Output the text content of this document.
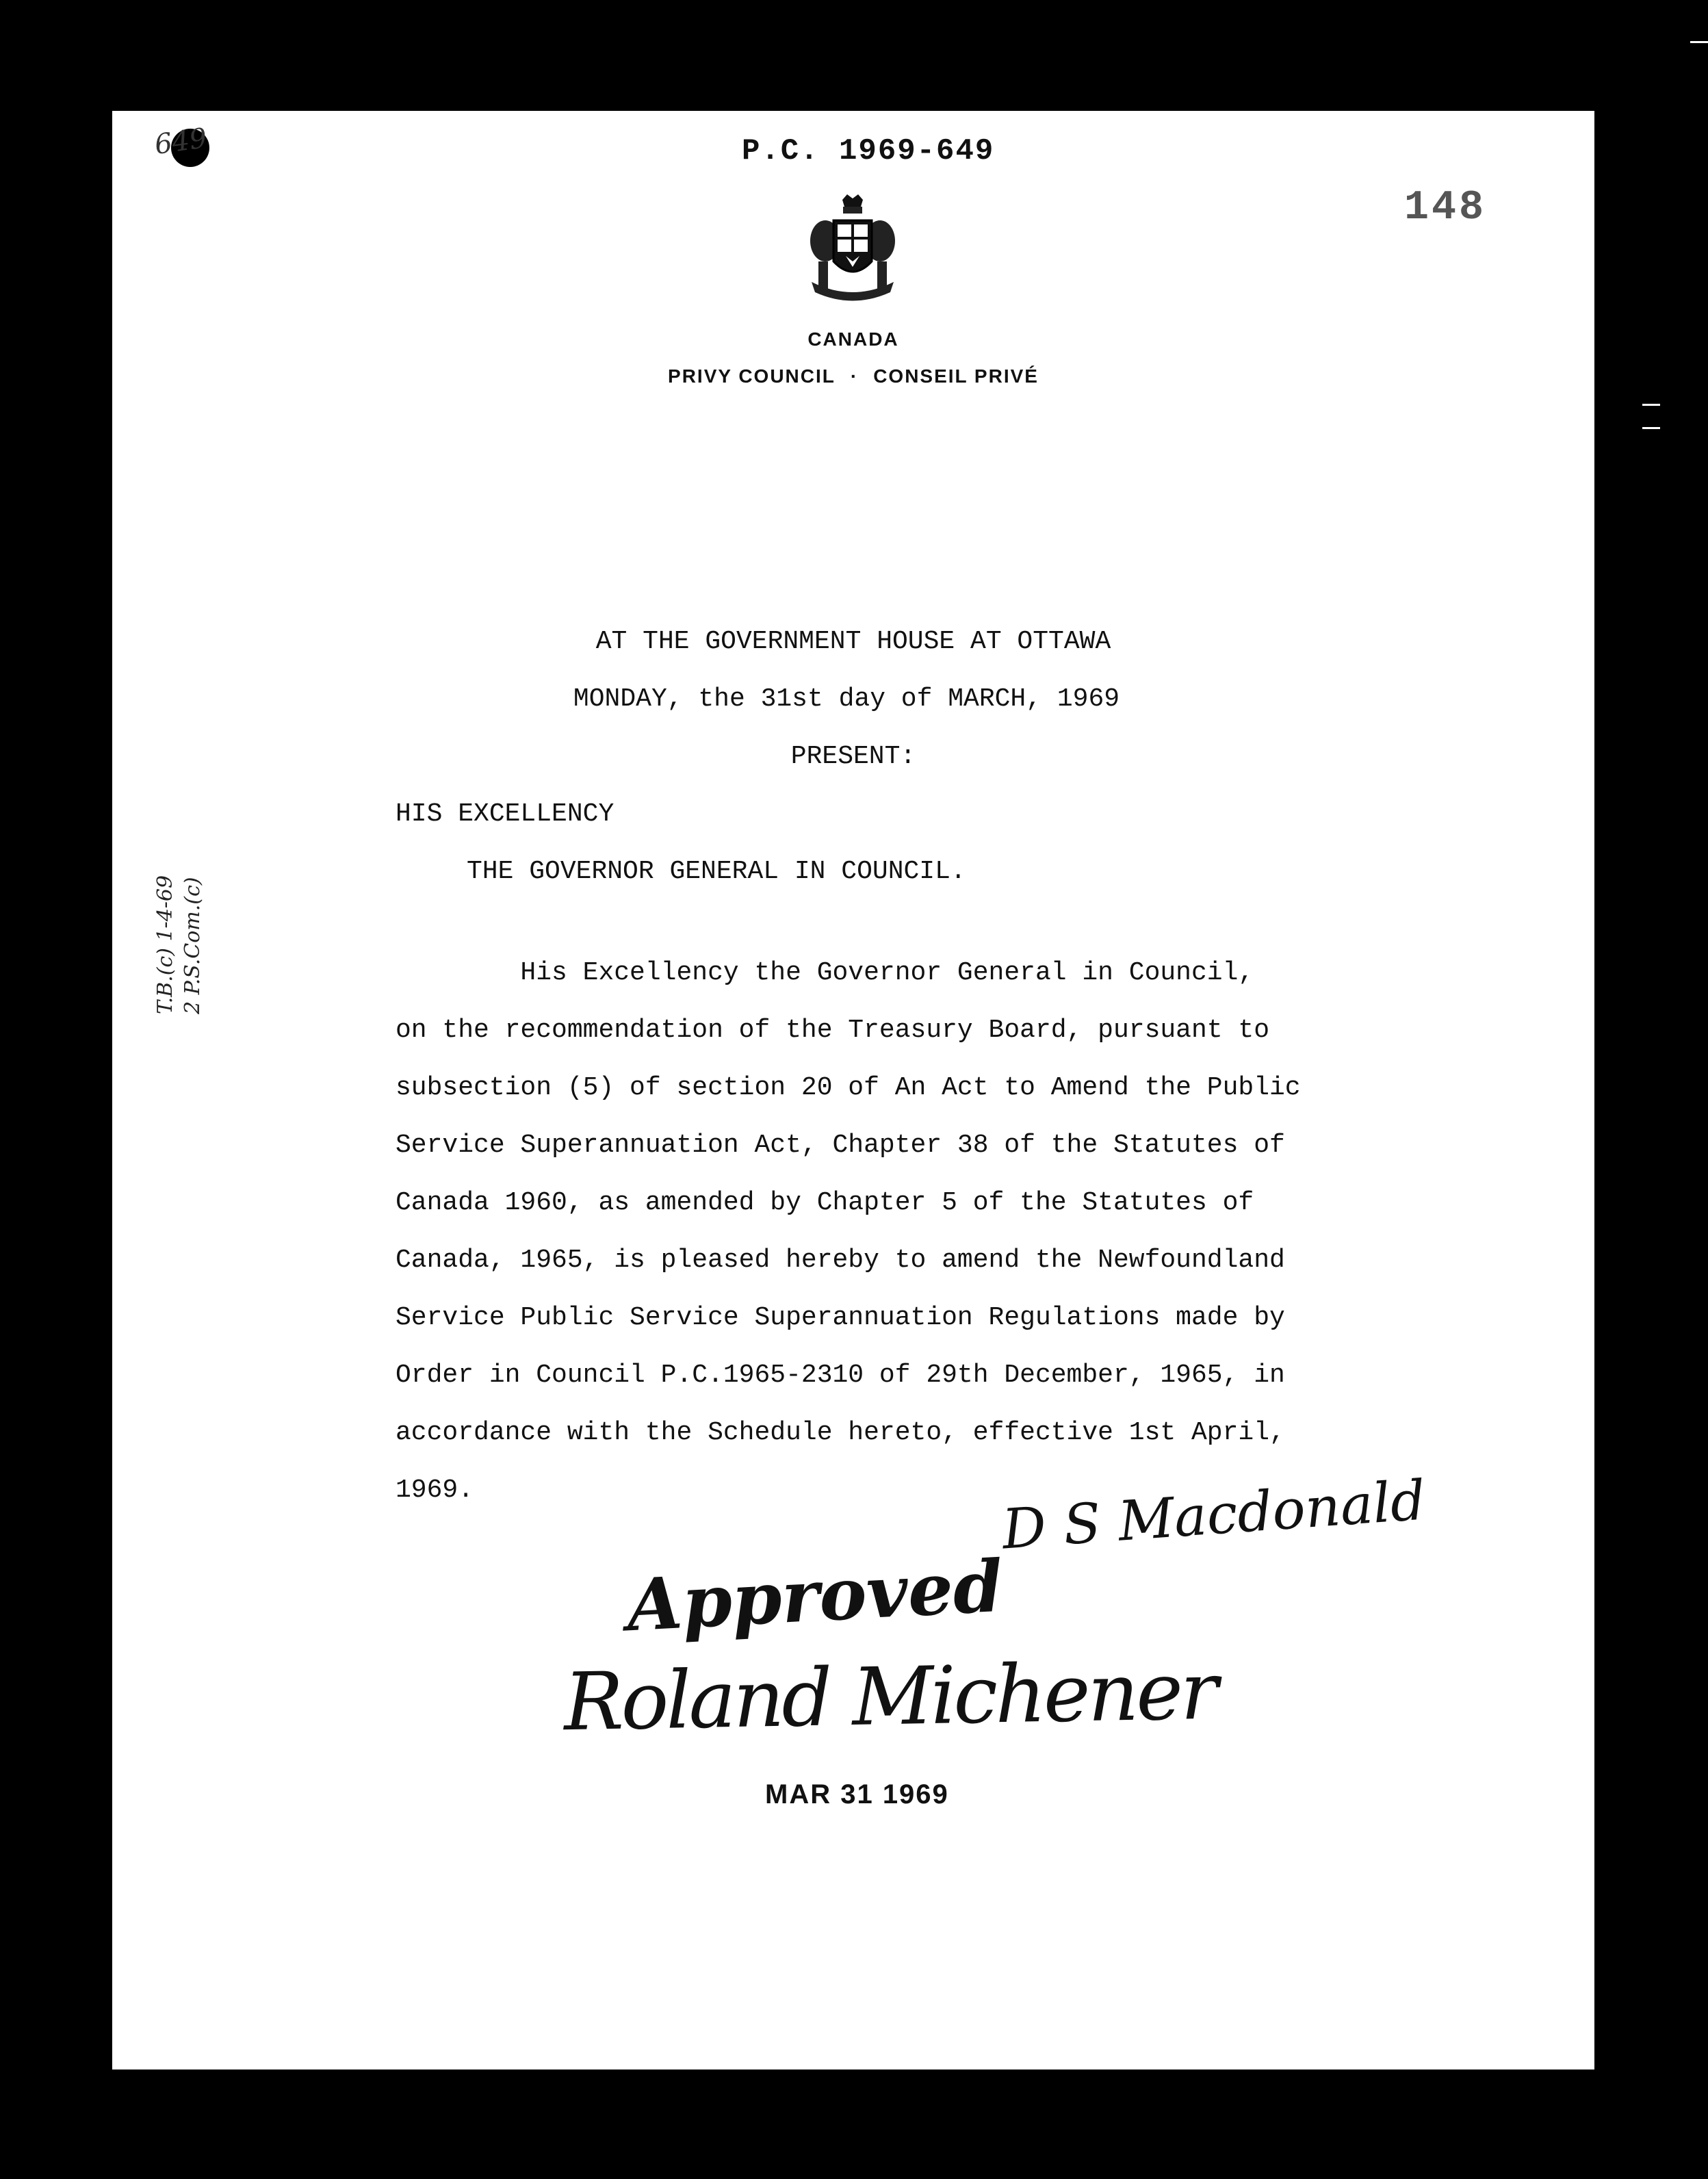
649	P.C. 1969-649
148
CANADA
PRIVY COUNCIL · CONSEIL PRIVÉ
AT THE GOVERNMENT HOUSE AT OTTAWA
MONDAY, the 31st day of MARCH, 1969
PRESENT:
HIS EXCELLENCY
THE GOVERNOR GENERAL IN COUNCIL.
His Excellency the Governor General in Council,
on the recommendation of the Treasury Board, pursuant to
subsection (5) of section 20 of An Act to Amend the Public
Service Superannuation Act, Chapter 38 of the Statutes of
Canada 1960, as amended by Chapter 5 of the Statutes of
Canada, 1965, is pleased hereby to amend the Newfoundland
Service Public Service Superannuation Regulations made by
Order in Council P.C.1965-2310 of 29th December, 1965, in
accordance with the Schedule hereto, effective 1st April,
1969.
T.B.(c) 1-4-69 2 P.S.Com.(c)
D S Macdonald
Approved
Roland Michener
MAR 31 1969
